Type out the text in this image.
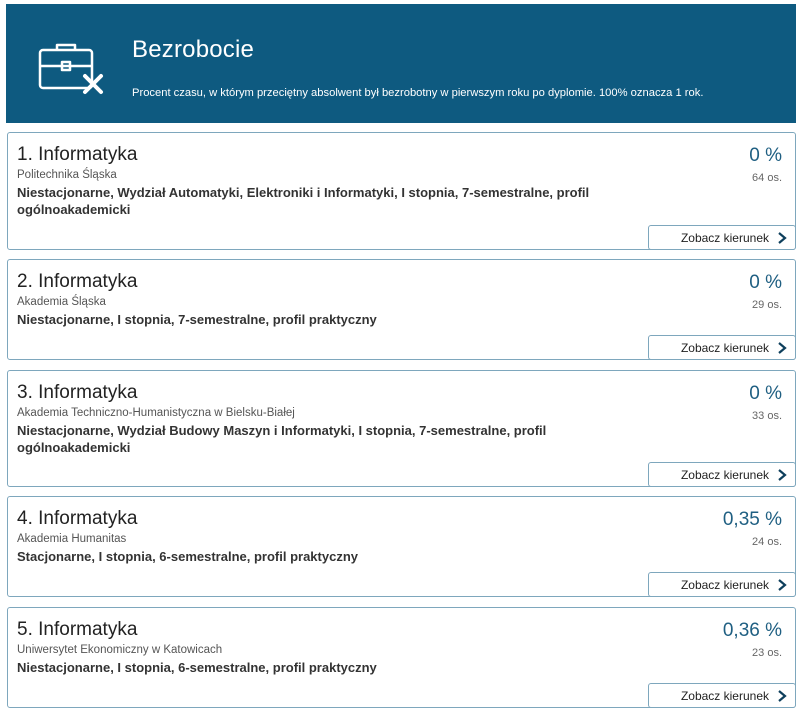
Bezrobocie
Procent czasu, w którym przeciętny absolwent był bezrobotny w pierwszym roku po dyplomie. 100% oznacza 1 rok.
1. Informatyka
Politechnika Śląska
Niestacjonarne, Wydział Automatyki, Elektroniki i Informatyki, I stopnia, 7-semestralne, profil ogólnoakademicki
0 %
64 os.
Zobacz kierunek
2. Informatyka
Akademia Śląska
Niestacjonarne, I stopnia, 7-semestralne, profil praktyczny
0 %
29 os.
Zobacz kierunek
3. Informatyka
Akademia Techniczno-Humanistyczna w Bielsku-Białej
Niestacjonarne, Wydział Budowy Maszyn i Informatyki, I stopnia, 7-semestralne, profil ogólnoakademicki
0 %
33 os.
Zobacz kierunek
4. Informatyka
Akademia Humanitas
Stacjonarne, I stopnia, 6-semestralne, profil praktyczny
0,35 %
24 os.
Zobacz kierunek
5. Informatyka
Uniwersytet Ekonomiczny w Katowicach
Niestacjonarne, I stopnia, 6-semestralne, profil praktyczny
0,36 %
23 os.
Zobacz kierunek
